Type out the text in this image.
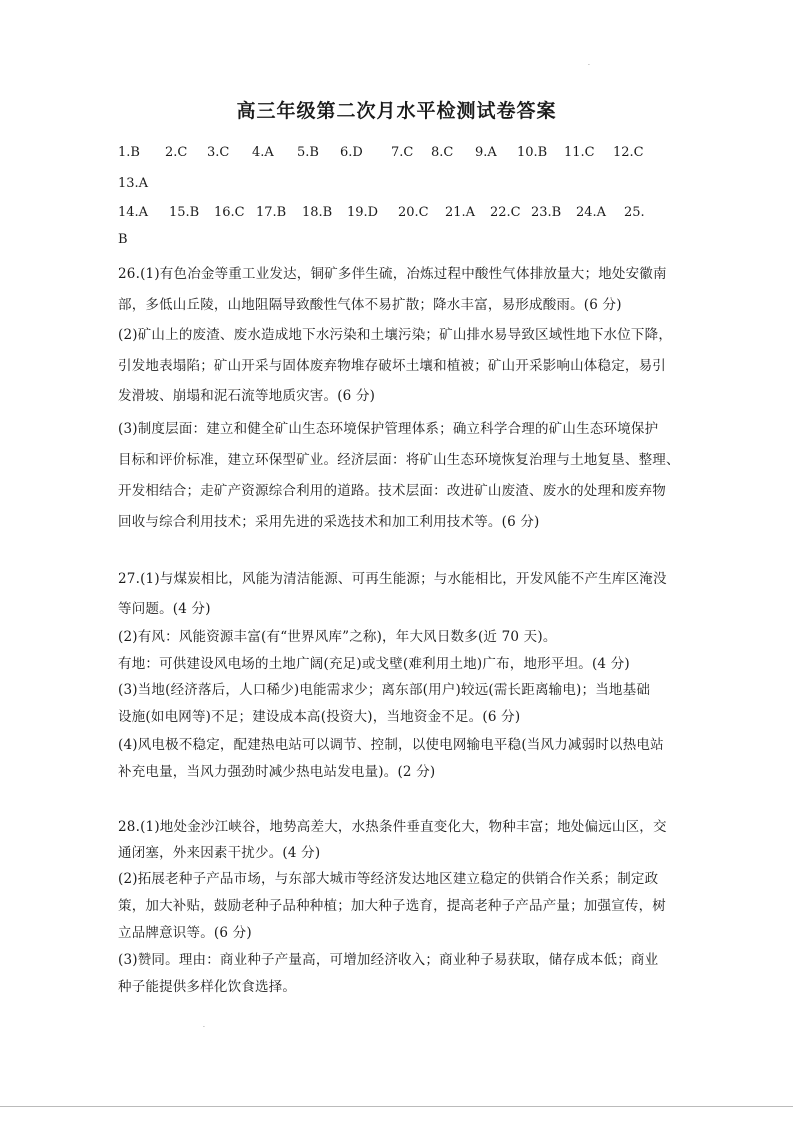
·
高三年级第二次月水平检测试卷答案
1.B 2.C 3.C 4.A 5.B 6.D 7.C 8.C 9.A 10.B 11.C 12.C
13.A
14.A 15.B 16.C 17.B 18.B 19.D 20.C 21.A 22.C 23.B 24.A 25.
B
26.(1)有色冶金等重工业发达，铜矿多伴生硫，冶炼过程中酸性气体排放量大；地处安徽南
部，多低山丘陵，山地阻隔导致酸性气体不易扩散；降水丰富，易形成酸雨。(6 分)
(2)矿山上的废渣、废水造成地下水污染和土壤污染；矿山排水易导致区域性地下水位下降，
引发地表塌陷；矿山开采与固体废弃物堆存破坏土壤和植被；矿山开采影响山体稳定，易引
发滑坡、崩塌和泥石流等地质灾害。(6 分)
(3)制度层面：建立和健全矿山生态环境保护管理体系；确立科学合理的矿山生态环境保护
目标和评价标准，建立环保型矿业。经济层面：将矿山生态环境恢复治理与土地复垦、整理、
开发相结合；走矿产资源综合利用的道路。技术层面：改进矿山废渣、废水的处理和废弃物
回收与综合利用技术；采用先进的采选技术和加工利用技术等。(6 分)
27.(1)与煤炭相比，风能为清洁能源、可再生能源；与水能相比，开发风能不产生库区淹没
等问题。(4 分)
(2)有风：风能资源丰富(有“世界风库”之称)，年大风日数多(近 70 天)。
有地：可供建设风电场的土地广阔(充足)或戈壁(难利用土地)广布，地形平坦。(4 分)
(3)当地(经济落后，人口稀少)电能需求少；离东部(用户)较远(需长距离输电)；当地基础
设施(如电网等)不足；建设成本高(投资大)，当地资金不足。(6 分)
(4)风电极不稳定，配建热电站可以调节、控制，以使电网输电平稳(当风力减弱时以热电站
补充电量，当风力强劲时减少热电站发电量)。(2 分)
28.(1)地处金沙江峡谷，地势高差大，水热条件垂直变化大，物种丰富；地处偏远山区，交
通闭塞，外来因素干扰少。(4 分)
(2)拓展老种子产品市场，与东部大城市等经济发达地区建立稳定的供销合作关系；制定政
策，加大补贴，鼓励老种子品种种植；加大种子选育，提高老种子产品产量；加强宣传，树
立品牌意识等。(6 分)
(3)赞同。理由：商业种子产量高，可增加经济收入；商业种子易获取，储存成本低；商业
种子能提供多样化饮食选择。
·
